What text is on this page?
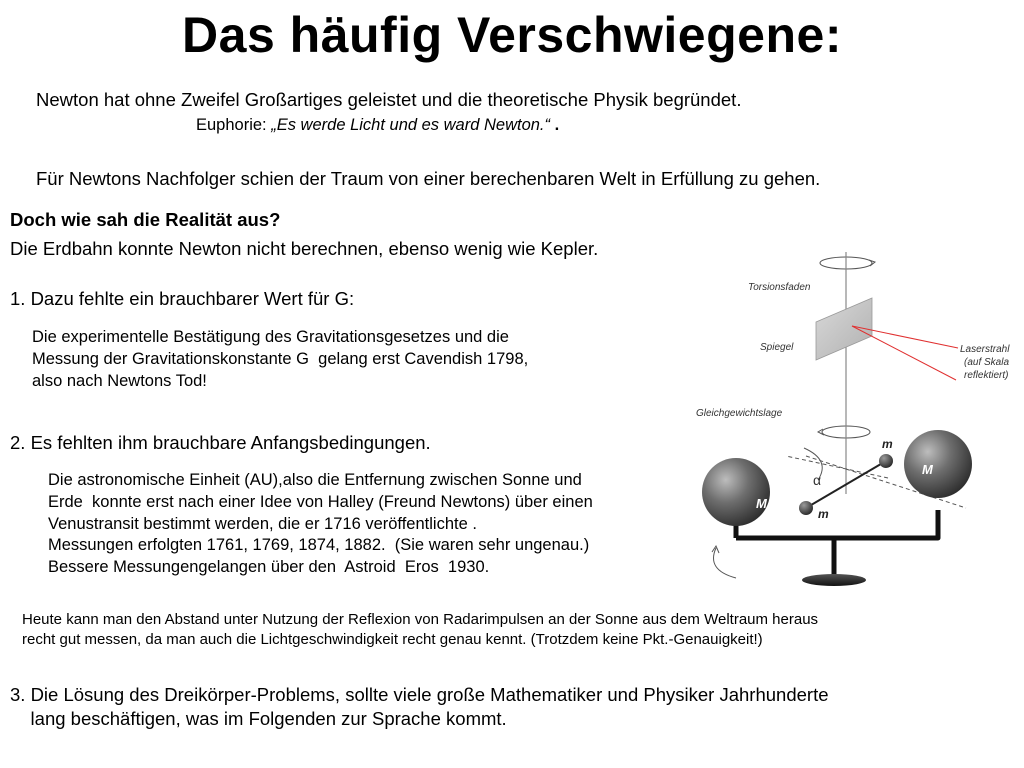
Das häufig Verschwiegene:
Newton hat ohne Zweifel Großartiges geleistet und die theoretische Physik begründet.
Euphorie: „Es werde Licht und es ward Newton.“ .
Für Newtons Nachfolger schien der Traum von einer berechenbaren Welt in Erfüllung zu gehen.
Doch wie sah die Realität aus?
Die Erdbahn konnte Newton nicht berechnen, ebenso wenig wie Kepler.
1. Dazu fehlte ein brauchbarer Wert für G:
Die experimentelle Bestätigung des Gravitationsgesetzes und die
Messung der Gravitationskonstante G  gelang erst Cavendish 1798,
also nach Newtons Tod!
2. Es fehlten ihm brauchbare Anfangsbedingungen.
Die astronomische Einheit (AU),also die Entfernung zwischen Sonne und
Erde  konnte erst nach einer Idee von Halley (Freund Newtons) über einen
Venustransit bestimmt werden, die er 1716 veröffentlichte .
Messungen erfolgten 1761, 1769, 1874, 1882.  (Sie waren sehr ungenau.)
Bessere Messungengelangen über den  Astroid  Eros  1930.
Heute kann man den Abstand unter Nutzung der Reflexion von Radarimpulsen an der Sonne aus dem Weltraum heraus
recht gut messen, da man auch die Lichtgeschwindigkeit recht genau kennt. (Trotzdem keine Pkt.-Genauigkeit!)
3. Die Lösung des Dreikörper-Problems, sollte viele große Mathematiker und Physiker Jahrhunderte
lang beschäftigen, was im Folgenden zur Sprache kommt.
α
Torsionsfaden
Spiegel	Laserstrahl
(auf Skala
reflektiert)
Gleichgewichtslage
m
m
M
M
